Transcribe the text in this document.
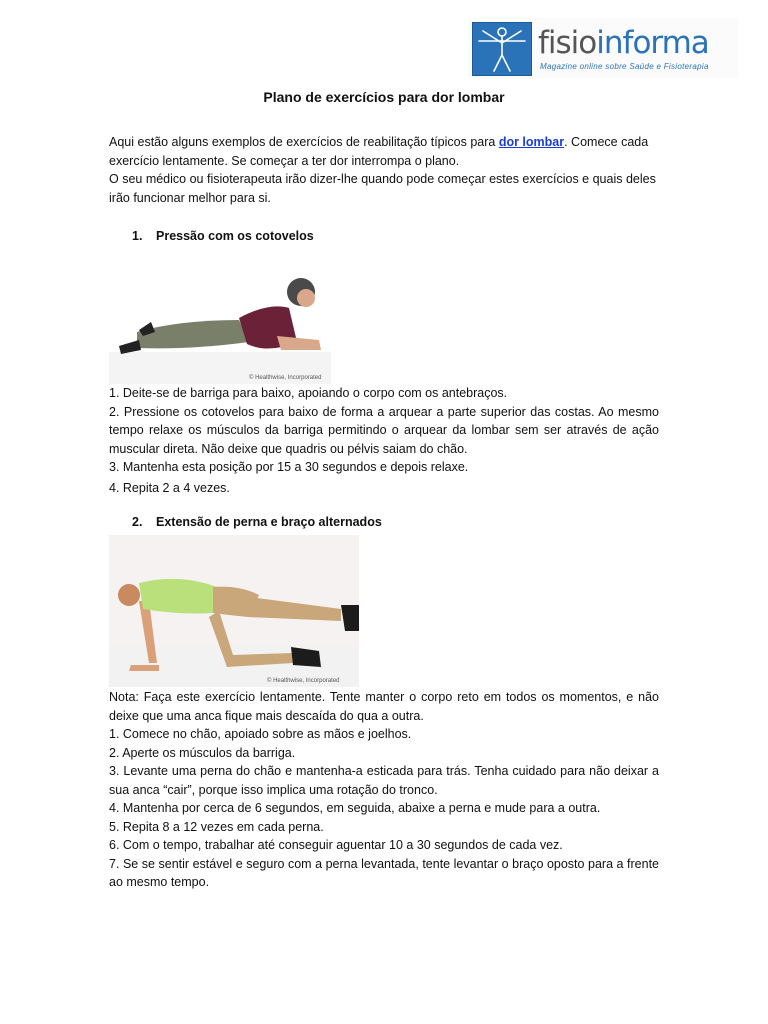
fisioinforma
Magazine online sobre Saúde e Fisioterapia
Plano de exercícios para dor lombar

Aqui estão alguns exemplos de exercícios de reabilitação típicos para dor lombar. Comece cada exercício lentamente. Se começar a ter dor interrompa o plano.

O seu médico ou fisioterapeuta irão dizer-lhe quando pode começar estes exercícios e quais deles irão funcionar melhor para si.

1. Pressão com os cotovelos
© Healthwise, Incorporated

1. Deite-se de barriga para baixo, apoiando o corpo com os antebraços.

2. Pressione os cotovelos para baixo de forma a arquear a parte superior das costas. Ao mesmo tempo relaxe os músculos da barriga permitindo o arquear da lombar sem ser através de ação muscular direta. Não deixe que quadris ou pélvis saiam do chão.

3. Mantenha esta posição por 15 a 30 segundos e depois relaxe.

4. Repita 2 a 4 vezes.

2. Extensão de perna e braço alternados
© Healthwise, Incorporated

Nota: Faça este exercício lentamente. Tente manter o corpo reto em todos os momentos, e não deixe que uma anca fique mais descaída do qua a outra.

1. Comece no chão, apoiado sobre as mãos e joelhos.

2. Aperte os músculos da barriga.

3. Levante uma perna do chão e mantenha-a esticada para trás. Tenha cuidado para não deixar a sua anca “cair”, porque isso implica uma rotação do tronco.

4. Mantenha por cerca de 6 segundos, em seguida, abaixe a perna e mude para a outra.

5. Repita 8 a 12 vezes em cada perna.

6. Com o tempo, trabalhar até conseguir aguentar 10 a 30 segundos de cada vez.

7. Se se sentir estável e seguro com a perna levantada, tente levantar o braço oposto para a frente ao mesmo tempo.
